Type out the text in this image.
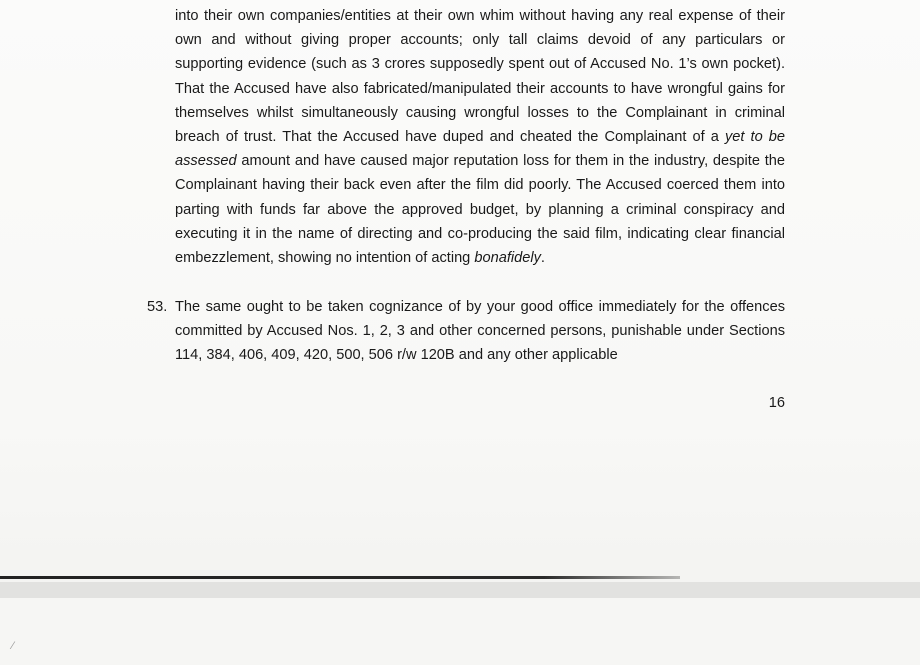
into their own companies/entities at their own whim without having any real expense of their own and without giving proper accounts; only tall claims devoid of any particulars or supporting evidence (such as 3 crores supposedly spent out of Accused No. 1’s own pocket). That the Accused have also fabricated/manipulated their accounts to have wrongful gains for themselves whilst simultaneously causing wrongful losses to the Complainant in criminal breach of trust. That the Accused have duped and cheated the Complainant of a yet to be assessed amount and have caused major reputation loss for them in the industry, despite the Complainant having their back even after the film did poorly. The Accused coerced them into parting with funds far above the approved budget, by planning a criminal conspiracy and executing it in the name of directing and co-producing the said film, indicating clear financial embezzlement, showing no intention of acting bonafidely.

53. The same ought to be taken cognizance of by your good office immediately for the offences committed by Accused Nos. 1, 2, 3 and other concerned persons, punishable under Sections 114, 384, 406, 409, 420, 500, 506 r/w 120B and any other applicable

16
⁄
